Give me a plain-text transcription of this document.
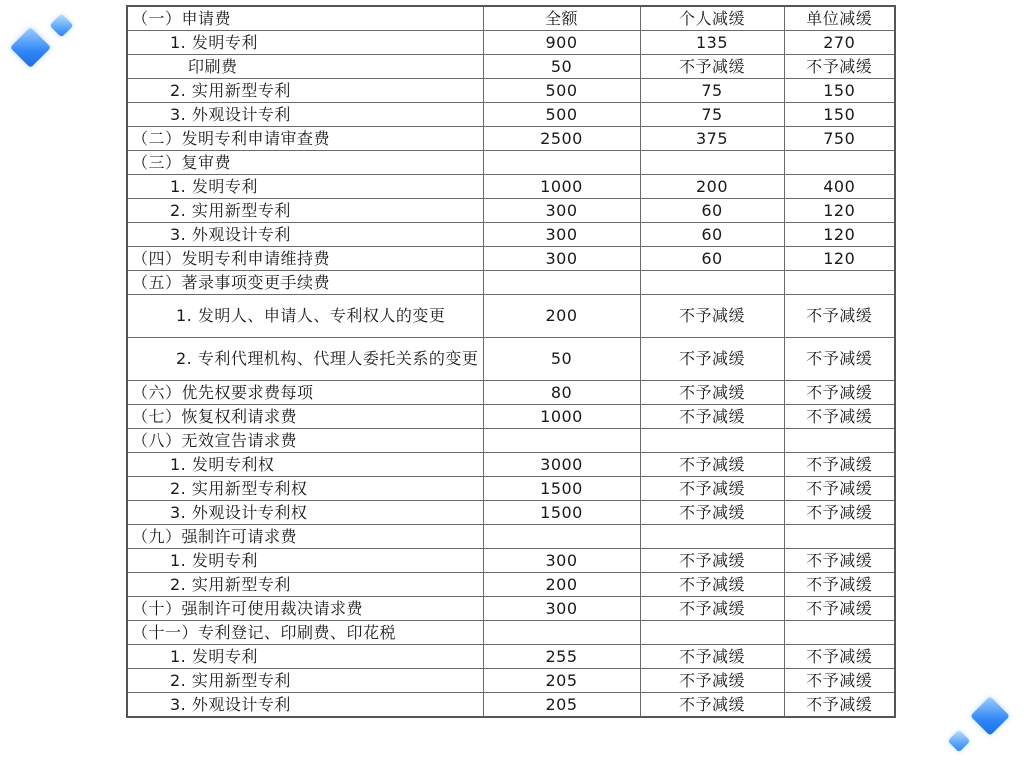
（一）申请费	全额	个人减缓	单位减缓
1. 发明专利	900	135	270
印刷费	50	不予减缓	不予减缓
2. 实用新型专利	500	75	150
3. 外观设计专利	500	75	150
（二）发明专利申请审查费	2500	375	750
（三）复审费			
1. 发明专利	1000	200	400
2. 实用新型专利	300	60	120
3. 外观设计专利	300	60	120
（四）发明专利申请维持费	300	60	120
（五）著录事项变更手续费			

1. 发明人、申请人、专利权人的变更	200	不予减缓	不予减缓

2. 专利代理机构、代理人委托关系的变更	50	不予减缓	不予减缓
（六）优先权要求费每项	80	不予减缓	不予减缓
（七）恢复权利请求费	1000	不予减缓	不予减缓
（八）无效宣告请求费			
1. 发明专利权	3000	不予减缓	不予减缓
2. 实用新型专利权	1500	不予减缓	不予减缓
3. 外观设计专利权	1500	不予减缓	不予减缓
（九）强制许可请求费			
1. 发明专利	300	不予减缓	不予减缓
2. 实用新型专利	200	不予减缓	不予减缓
（十）强制许可使用裁决请求费	300	不予减缓	不予减缓
（十一）专利登记、印刷费、印花税			
1. 发明专利	255	不予减缓	不予减缓
2. 实用新型专利	205	不予减缓	不予减缓
3. 外观设计专利	205	不予减缓	不予减缓
